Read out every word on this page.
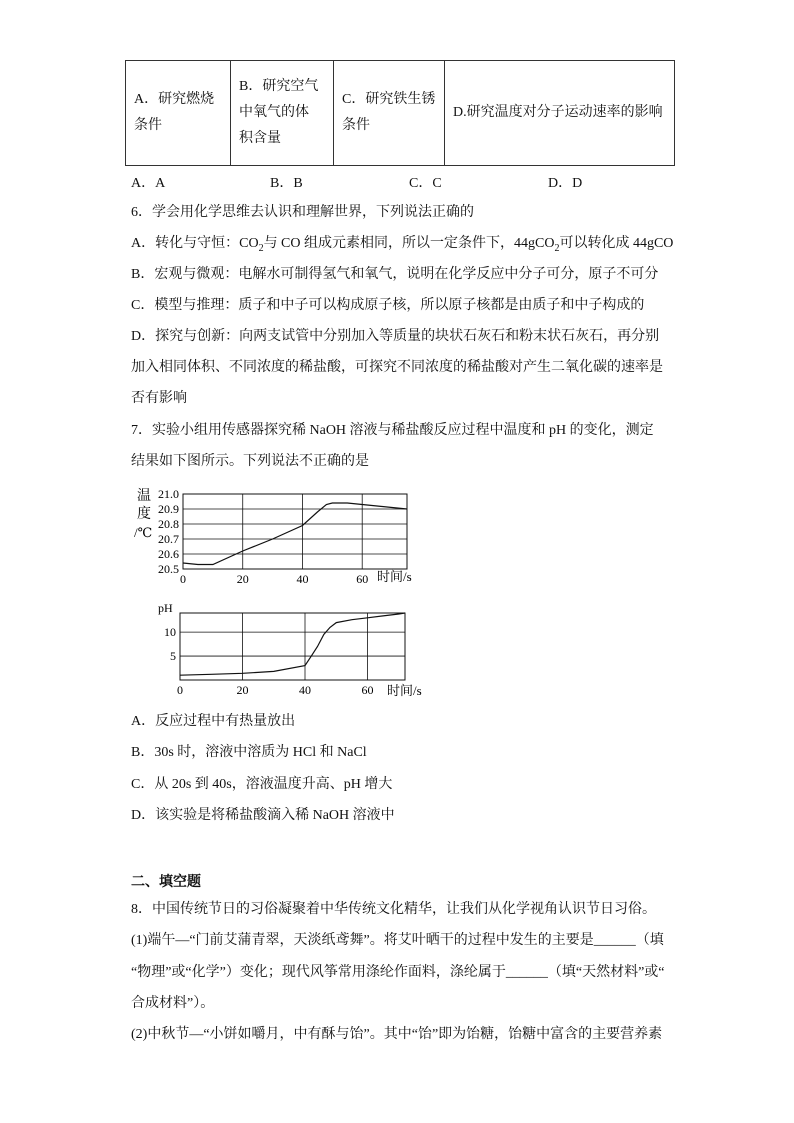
A．研究燃烧
条件

B．研究空气
中氧气的体
积含量

C．研究铁生锈
条件

D.研究温度对分子运动速率的影响
A．A	B．B	C．C	D．D
6．学会用化学思维去认识和理解世界，下列说法正确的
A．转化与守恒：$CO_2$与 CO 组成元素相同，所以一定条件下，44gCO$_2$可以转化成 44gCO
B．宏观与微观：电解水可制得氢气和氧气，说明在化学反应中分子可分，原子不可分
C．模型与推理：质子和中子可以构成原子核，所以原子核都是由质子和中子构成的
D．探究与创新：向两支试管中分别加入等质量的块状石灰石和粉末状石灰石，再分别
加入相同体积、不同浓度的稀盐酸，可探究不同浓度的稀盐酸对产生二氧化碳的速率是
否有影响
7．实验小组用传感器探究稀 NaOH 溶液与稀盐酸反应过程中温度和 pH 的变化，测定
结果如下图所示。下列说法不正确的是
温
度
/℃
20.5
20.6
20.7
20.8
20.9
21.0
0	20	40	60 时间/s
pH
5
10
0	20	40	60 时间/s
A．反应过程中有热量放出
B．30s 时，溶液中溶质为 HCl 和 NaCl
C．从 20s 到 40s，溶液温度升高、pH 增大
D．该实验是将稀盐酸滴入稀 NaOH 溶液中
二、填空题
8．中国传统节日的习俗凝聚着中华传统文化精华，让我们从化学视角认识节日习俗。
(1)端午—“门前艾蒲青翠，天淡纸鸢舞”。将艾叶晒干的过程中发生的主要是______（填
“物理”或“化学”）变化；现代风筝常用涤纶作面料，涤纶属于______（填“天然材料”或“
合成材料”）。
(2)中秋节—“小饼如嚼月，中有酥与饴”。其中“饴”即为饴糖，饴糖中富含的主要营养素
